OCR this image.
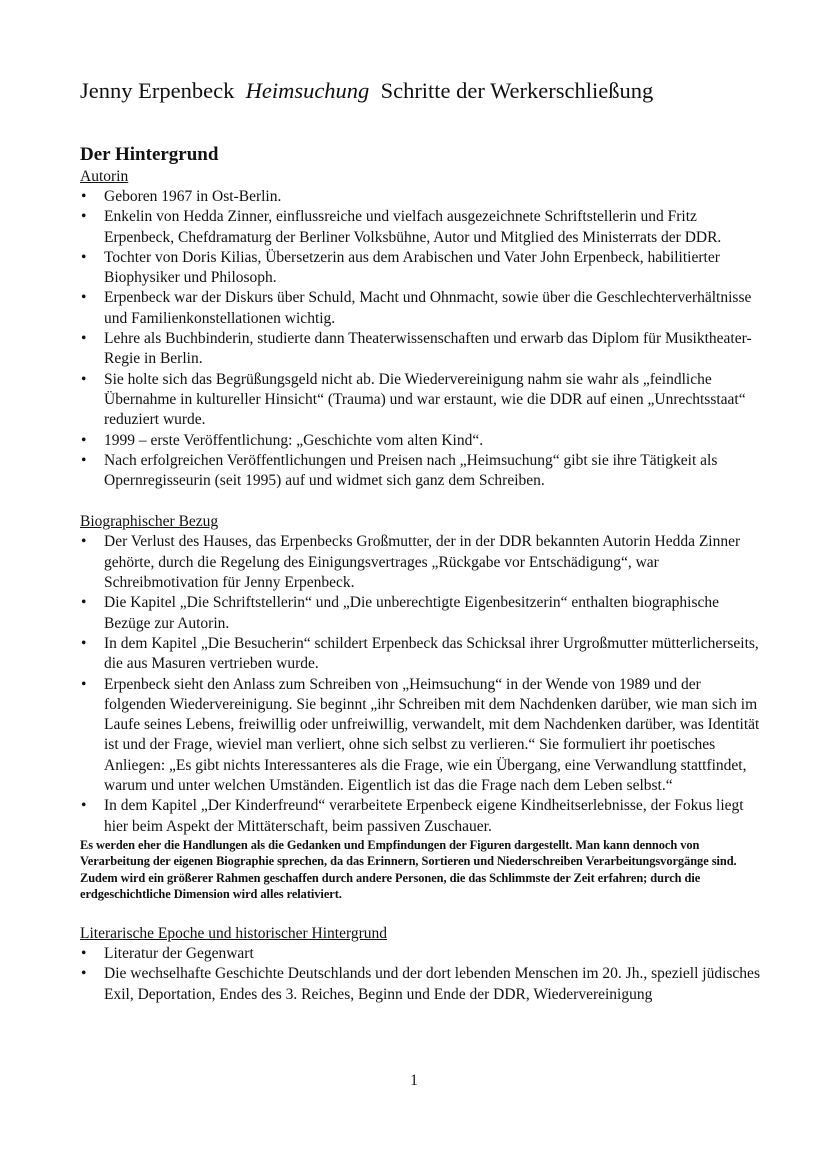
Jenny Erpenbeck Heimsuchung Schritte der Werkerschließung
Der Hintergrund

Autorin

• Geboren 1967 in Ost-Berlin.
• Enkelin von Hedda Zinner, einflussreiche und vielfach ausgezeichnete Schriftstellerin und Fritz Erpenbeck, Chefdramaturg der Berliner Volksbühne, Autor und Mitglied des Ministerrats der DDR.
• Tochter von Doris Kilias, Übersetzerin aus dem Arabischen und Vater John Erpenbeck, habilitierter Biophysiker und Philosoph.
• Erpenbeck war der Diskurs über Schuld, Macht und Ohnmacht, sowie über die Geschlechterverhältnisse und Familienkonstellationen wichtig.
• Lehre als Buchbinderin, studierte dann Theaterwissenschaften und erwarb das Diplom für Musiktheater-Regie in Berlin.
• Sie holte sich das Begrüßungsgeld nicht ab. Die Wiedervereinigung nahm sie wahr als „feindliche Übernahme in kultureller Hinsicht“ (Trauma) und war erstaunt, wie die DDR auf einen „Unrechtsstaat“ reduziert wurde.
• 1999 – erste Veröffentlichung: „Geschichte vom alten Kind“.
• Nach erfolgreichen Veröffentlichungen und Preisen nach „Heimsuchung“ gibt sie ihre Tätigkeit als Opernregisseurin (seit 1995) auf und widmet sich ganz dem Schreiben.

Biographischer Bezug

• Der Verlust des Hauses, das Erpenbecks Großmutter, der in der DDR bekannten Autorin Hedda Zinner gehörte, durch die Regelung des Einigungsvertrages „Rückgabe vor Entschädigung“, war Schreibmotivation für Jenny Erpenbeck.
• Die Kapitel „Die Schriftstellerin“ und „Die unberechtigte Eigenbesitzerin“ enthalten biographische Bezüge zur Autorin.
• In dem Kapitel „Die Besucherin“ schildert Erpenbeck das Schicksal ihrer Urgroßmutter mütterlicherseits, die aus Masuren vertrieben wurde.
• Erpenbeck sieht den Anlass zum Schreiben von „Heimsuchung“ in der Wende von 1989 und der folgenden Wiedervereinigung. Sie beginnt „ihr Schreiben mit dem Nachdenken darüber, wie man sich im Laufe seines Lebens, freiwillig oder unfreiwillig, verwandelt, mit dem Nachdenken darüber, was Identität ist und der Frage, wieviel man verliert, ohne sich selbst zu verlieren.“ Sie formuliert ihr poetisches Anliegen: „Es gibt nichts Interessanteres als die Frage, wie ein Übergang, eine Verwandlung stattfindet, warum und unter welchen Umständen. Eigentlich ist das die Frage nach dem Leben selbst.“
• In dem Kapitel „Der Kinderfreund“ verarbeitete Erpenbeck eigene Kindheitserlebnisse, der Fokus liegt hier beim Aspekt der Mittäterschaft, beim passiven Zuschauer.

Es werden eher die Handlungen als die Gedanken und Empfindungen der Figuren dargestellt. Man kann dennoch von Verarbeitung der eigenen Biographie sprechen, da das Erinnern, Sortieren und Niederschreiben Verarbeitungsvorgänge sind. Zudem wird ein größerer Rahmen geschaffen durch andere Personen, die das Schlimmste der Zeit erfahren; durch die erdgeschichtliche Dimension wird alles relativiert.

Literarische Epoche und historischer Hintergrund

• Literatur der Gegenwart
• Die wechselhafte Geschichte Deutschlands und der dort lebenden Menschen im 20. Jh., speziell jüdisches Exil, Deportation, Endes des 3. Reiches, Beginn und Ende der DDR, Wiedervereinigung
1
